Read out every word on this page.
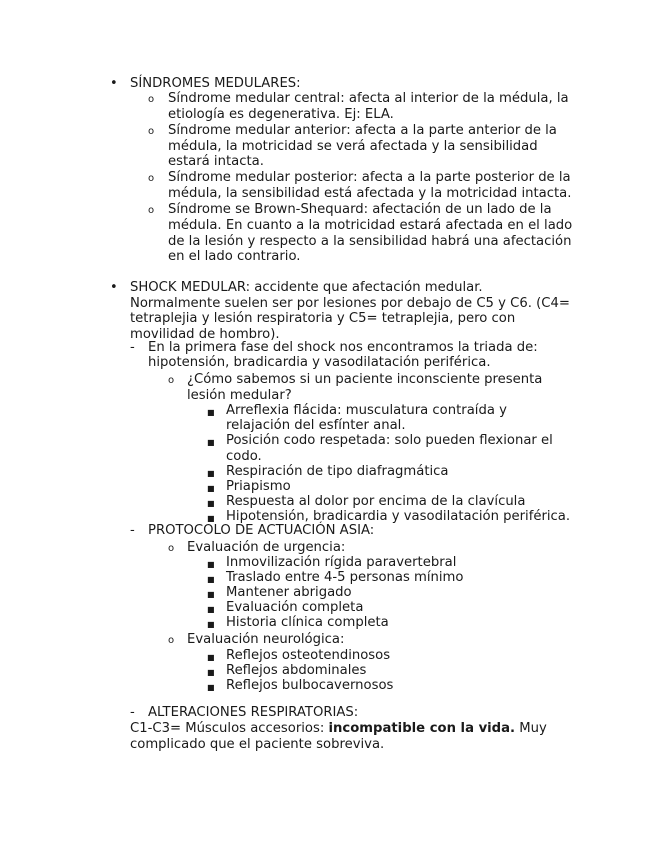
• SÍNDROMES MEDULARES:
o Síndrome medular central: afecta al interior de la médula, la
etiología es degenerativa. Ej: ELA.
o Síndrome medular anterior: afecta a la parte anterior de la
médula, la motricidad se verá afectada y la sensibilidad
estará intacta.
o Síndrome medular posterior: afecta a la parte posterior de la
médula, la sensibilidad está afectada y la motricidad intacta.
o Síndrome se Brown-Shequard: afectación de un lado de la
médula. En cuanto a la motricidad estará afectada en el lado
de la lesión y respecto a la sensibilidad habrá una afectación
en el lado contrario.
• SHOCK MEDULAR: accidente que afectación medular.
Normalmente suelen ser por lesiones por debajo de C5 y C6. (C4=
tetraplejia y lesión respiratoria y C5= tetraplejia, pero con
movilidad de hombro).
- En la primera fase del shock nos encontramos la triada de:
hipotensión, bradicardia y vasodilatación periférica.
o ¿Cómo sabemos si un paciente inconsciente presenta
lesión medular?
■ Arreflexia flácida: musculatura contraída y
relajación del esfínter anal.
■ Posición codo respetada: solo pueden flexionar el
codo.
■ Respiración de tipo diafragmática
■ Priapismo
■ Respuesta al dolor por encima de la clavícula
■ Hipotensión, bradicardia y vasodilatación periférica.
- PROTOCOLO DE ACTUACIÓN ASIA:
o Evaluación de urgencia:
■ Inmovilización rígida paravertebral
■ Traslado entre 4-5 personas mínimo
■ Mantener abrigado
■ Evaluación completa
■ Historia clínica completa
o Evaluación neurológica:
■ Reflejos osteotendinosos
■ Reflejos abdominales
■ Reflejos bulbocavernosos
- ALTERACIONES RESPIRATORIAS:
C1-C3= Músculos accesorios: incompatible con la vida. Muy
complicado que el paciente sobreviva.
